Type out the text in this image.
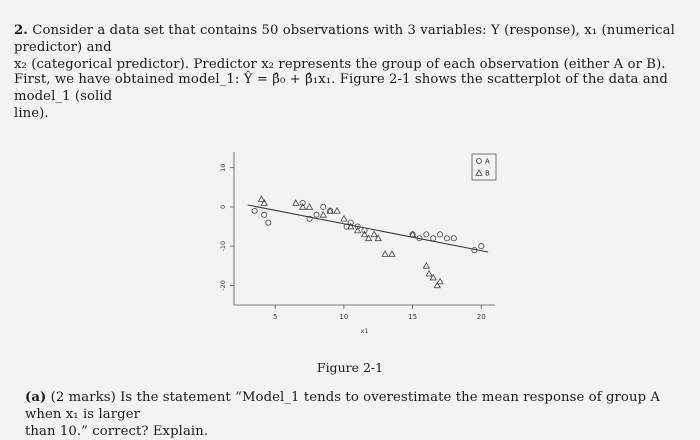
2. Consider a data set that contains 50 observations with 3 variables: Y (response), x₁ (numerical predictor) and
x₂ (categorical predictor). Predictor x₂ represents the group of each observation (either A or B).

First, we have obtained model_1: Ŷ = β̂₀ + β̂₁x₁. Figure 2-1 shows the scatterplot of the data and model_1 (solid
line).

5	10	15	20
10
0
-10
-20
x1
A
B
Figure 2-1

(a) (2 marks) Is the statement “Model_1 tends to overestimate the mean response of group A when x₁ is larger
than 10.” correct? Explain.
